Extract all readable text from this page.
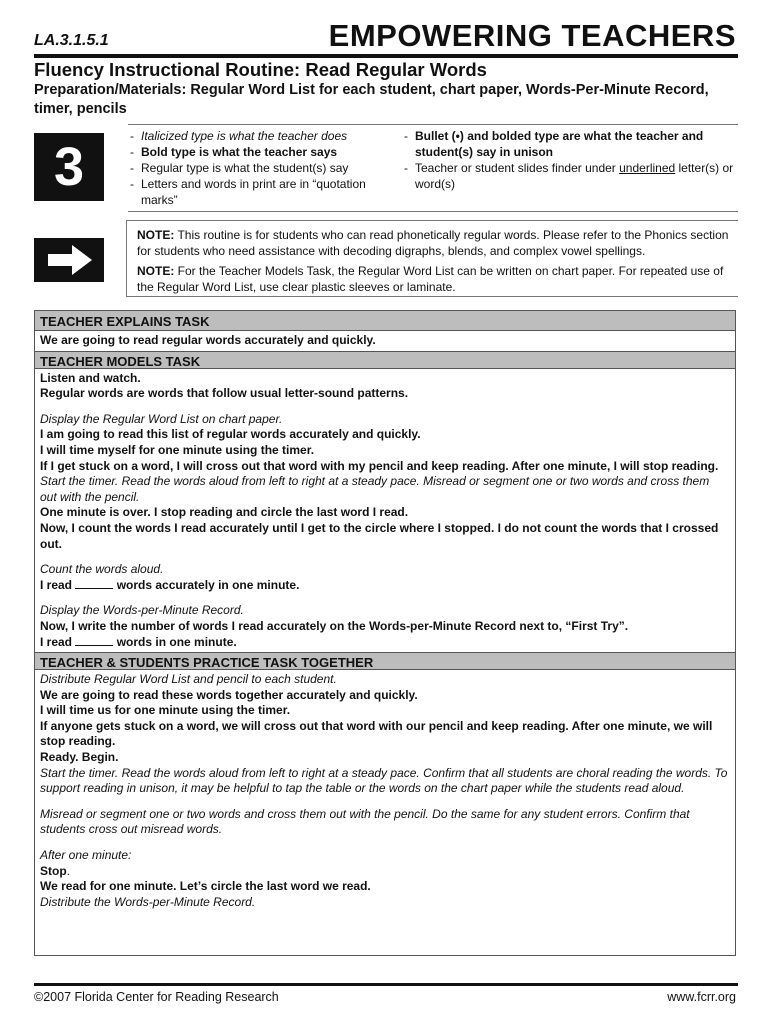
LA.3.1.5.1	EMPOWERING TEACHERS
Fluency Instructional Routine: Read Regular Words
Preparation/Materials: Regular Word List for each student, chart paper, Words-Per-Minute Record, timer, pencils
3
- Italicized type is what the teacher does
- Bold type is what the teacher says
- Regular type is what the student(s) say
- Letters and words in print are in “quotation marks”
- Bullet (•) and bolded type are what the teacher and student(s) say in unison
- Teacher or student slides finder under underlined letter(s) or word(s)

NOTE: This routine is for students who can read phonetically regular words. Please refer to the Phonics section for students who need assistance with decoding digraphs, blends, and complex vowel spellings.

NOTE: For the Teacher Models Task, the Regular Word List can be written on chart paper. For repeated use of the Regular Word List, use clear plastic sleeves or laminate.

TEACHER EXPLAINS TASK

We are going to read regular words accurately and quickly.

TEACHER MODELS TASK

Listen and watch.

Regular words are words that follow usual letter-sound patterns.

Display the Regular Word List on chart paper.

I am going to read this list of regular words accurately and quickly.

I will time myself for one minute using the timer.

If I get stuck on a word, I will cross out that word with my pencil and keep reading. After one minute, I will stop reading.

Start the timer. Read the words aloud from left to right at a steady pace. Misread or segment one or two words and cross them out with the pencil.

One minute is over. I stop reading and circle the last word I read.

Now, I count the words I read accurately until I get to the circle where I stopped. I do not count the words that I crossed out.

Count the words aloud.

I read	words accurately in one minute.

Display the Words-per-Minute Record.

Now, I write the number of words I read accurately on the Words-per-Minute Record next to, “First Try”.

I read	words in one minute.

TEACHER & STUDENTS PRACTICE TASK TOGETHER

Distribute Regular Word List and pencil to each student.

We are going to read these words together accurately and quickly.

I will time us for one minute using the timer.

If anyone gets stuck on a word, we will cross out that word with our pencil and keep reading. After one minute, we will stop reading.

Ready. Begin.

Start the timer. Read the words aloud from left to right at a steady pace. Confirm that all students are choral reading the words. To support reading in unison, it may be helpful to tap the table or the words on the chart paper while the students read aloud.

Misread or segment one or two words and cross them out with the pencil. Do the same for any student errors. Confirm that students cross out misread words.

After one minute:

Stop.

We read for one minute. Let’s circle the last word we read.

Distribute the Words-per-Minute Record.

©2007 Florida Center for Reading Research	www.fcrr.org
